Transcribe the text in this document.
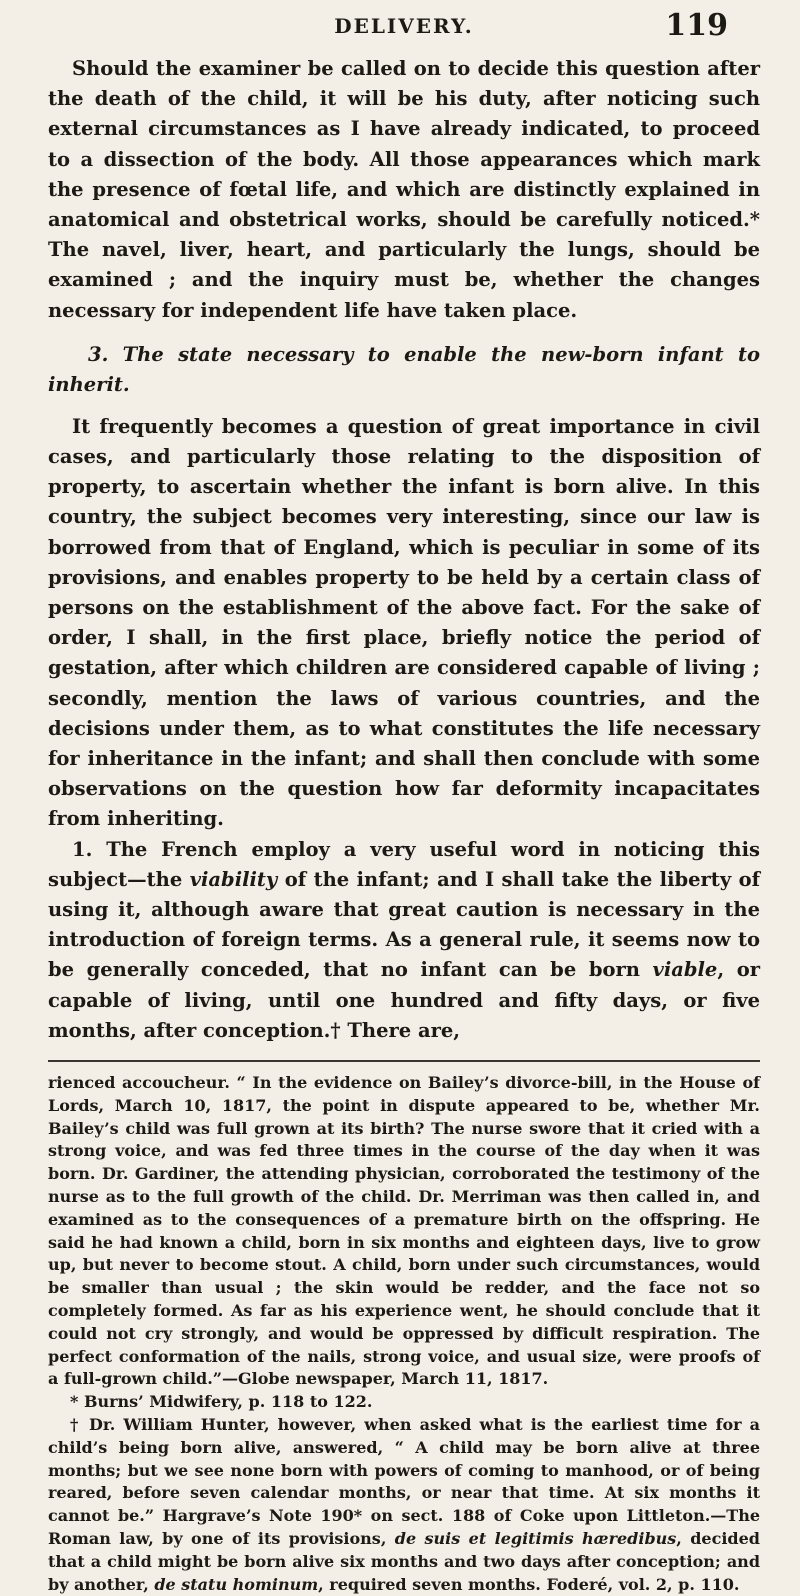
DELIVERY.	119

Should the examiner be called on to decide this question after the death of the child, it will be his duty, after noticing such external circumstances as I have already indicated, to proceed to a dissection of the body. All those appearances which mark the presence of fœtal life, and which are distinctly explained in anatomical and obstetrical works, should be carefully noticed.* The navel, liver, heart, and particularly the lungs, should be examined ; and the inquiry must be, whether the changes necessary for independent life have taken place.

3. The state necessary to enable the new-born infant to inherit.

It frequently becomes a question of great importance in civil cases, and particularly those relating to the disposition of property, to ascertain whether the infant is born alive. In this country, the subject becomes very interesting, since our law is borrowed from that of England, which is peculiar in some of its provisions, and enables property to be held by a certain class of persons on the establishment of the above fact. For the sake of order, I shall, in the first place, briefly notice the period of gestation, after which children are considered capable of living ; secondly, mention the laws of various countries, and the decisions under them, as to what constitutes the life necessary for inheritance in the infant; and shall then conclude with some observations on the question how far deformity incapacitates from inheriting.

1. The French employ a very useful word in noticing this subject—the viability of the infant; and I shall take the liberty of using it, although aware that great caution is necessary in the introduction of foreign terms. As a general rule, it seems now to be generally conceded, that no infant can be born viable, or capable of living, until one hundred and fifty days, or five months, after conception.† There are,

rienced accoucheur. “ In the evidence on Bailey’s divorce-bill, in the House of Lords, March 10, 1817, the point in dispute appeared to be, whether Mr. Bailey’s child was full grown at its birth? The nurse swore that it cried with a strong voice, and was fed three times in the course of the day when it was born. Dr. Gardiner, the attending physician, corroborated the testimony of the nurse as to the full growth of the child. Dr. Merriman was then called in, and examined as to the consequences of a premature birth on the offspring. He said he had known a child, born in six months and eighteen days, live to grow up, but never to become stout. A child, born under such circumstances, would be smaller than usual ; the skin would be redder, and the face not so completely formed. As far as his experience went, he should conclude that it could not cry strongly, and would be oppressed by difficult respiration. The perfect conformation of the nails, strong voice, and usual size, were proofs of a full-grown child.”—Globe newspaper, March 11, 1817.

* Burns’ Midwifery, p. 118 to 122.

† Dr. William Hunter, however, when asked what is the earliest time for a child’s being born alive, answered, “ A child may be born alive at three months; but we see none born with powers of coming to manhood, or of being reared, before seven calendar months, or near that time. At six months it cannot be.” Hargrave’s Note 190* on sect. 188 of Coke upon Littleton.—The Roman law, by one of its provisions, de suis et legitimis hæredibus, decided that a child might be born alive six months and two days after conception; and by another, de statu hominum, required seven months. Foderé, vol. 2, p. 110.
